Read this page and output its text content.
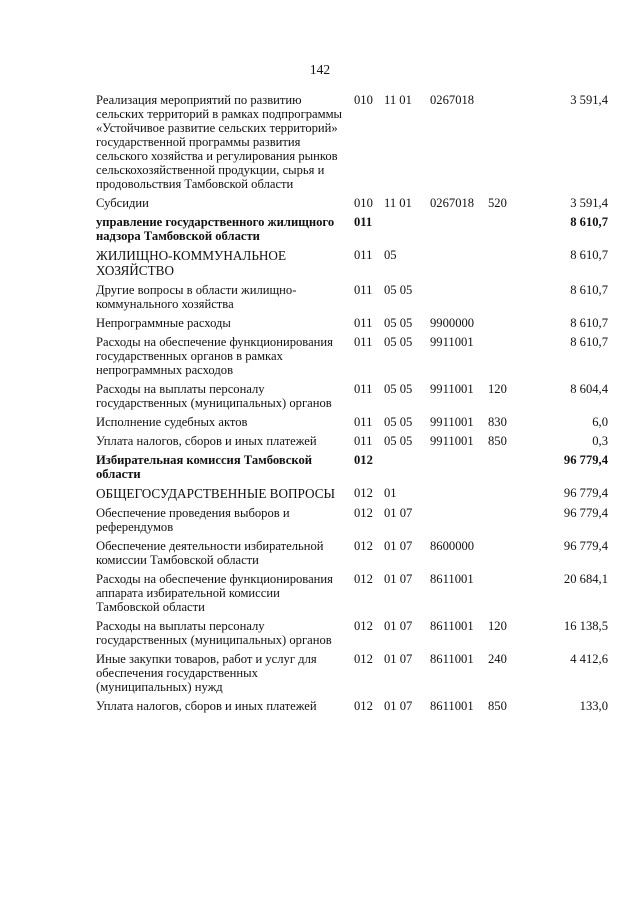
142
Реализация мероприятий по развитию сельских территорий в рамках подпрограммы «Устойчивое развитие сельских территорий» государственной программы развития сельского хозяйства и регулирования рынков сельскохозяйственной продукции, сырья и продовольствия Тамбовской области	010	11 01	0267018		3 591,4
Субсидии	010	11 01	0267018	520	3 591,4
управление государственного жилищного надзора Тамбовской области	011				8 610,7
ЖИЛИЩНО-КОММУНАЛЬНОЕ ХОЗЯЙСТВО	011	05			8 610,7
Другие вопросы в области жилищно-коммунального хозяйства	011	05 05			8 610,7
Непрограммные расходы	011	05 05	9900000		8 610,7
Расходы на обеспечение функционирования государственных органов в рамках непрограммных расходов	011	05 05	9911001		8 610,7
Расходы на выплаты персоналу государственных (муниципальных) органов	011	05 05	9911001	120	8 604,4
Исполнение судебных актов	011	05 05	9911001	830	6,0
Уплата налогов, сборов и иных платежей	011	05 05	9911001	850	0,3
Избирательная комиссия Тамбовской области	012				96 779,4
ОБЩЕГОСУДАРСТВЕННЫЕ ВОПРОСЫ	012	01			96 779,4
Обеспечение проведения выборов и референдумов	012	01 07			96 779,4
Обеспечение деятельности избирательной комиссии Тамбовской области	012	01 07	8600000		96 779,4
Расходы на обеспечение функционирования аппарата избирательной комиссии Тамбовской области	012	01 07	8611001		20 684,1
Расходы на выплаты персоналу государственных (муниципальных) органов	012	01 07	8611001	120	16 138,5
Иные закупки товаров, работ и услуг для обеспечения государственных (муниципальных) нужд	012	01 07	8611001	240	4 412,6
Уплата налогов, сборов и иных платежей	012	01 07	8611001	850	133,0
